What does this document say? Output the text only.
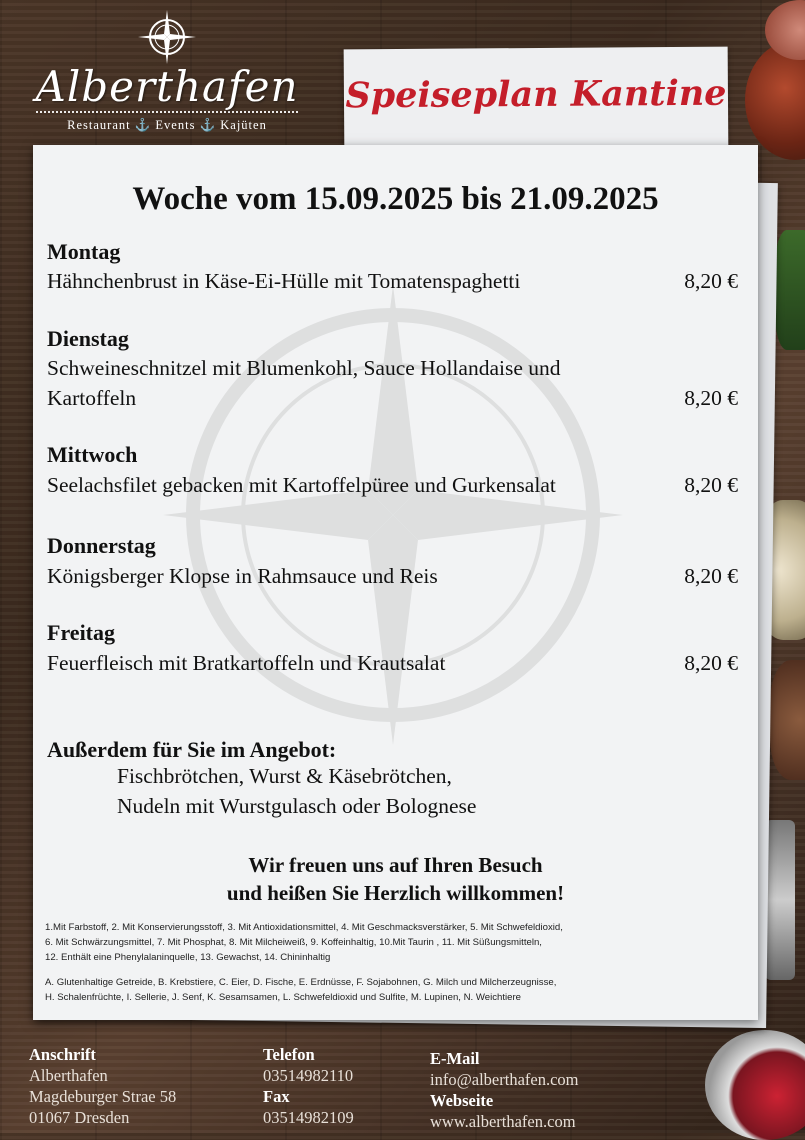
Alberthafen
Restaurant ⚓ Events ⚓ Kajüten
Speiseplan Kantine
Woche vom 15.09.2025 bis 21.09.2025
Montag
Hähnchenbrust in Käse-Ei-Hülle mit Tomatenspaghetti	8,20 €
Dienstag
Schweineschnitzel mit Blumenkohl, Sauce Hollandaise und
Kartoffeln	8,20 €
Mittwoch
Seelachsfilet gebacken mit Kartoffelpüree und Gurkensalat	8,20 €
Donnerstag
Königsberger Klopse in Rahmsauce und Reis	8,20 €
Freitag
Feuerfleisch mit Bratkartoffeln und Krautsalat	8,20 €
Außerdem für Sie im Angebot:
Fischbrötchen, Wurst & Käsebrötchen,
Nudeln mit Wurstgulasch oder Bolognese
Wir freuen uns auf Ihren Besuch
und heißen Sie Herzlich willkommen!
1.Mit Farbstoff, 2. Mit Konservierungsstoff, 3. Mit Antioxidationsmittel, 4. Mit Geschmacksverstärker, 5. Mit Schwefeldioxid,
6. Mit Schwärzungsmittel, 7. Mit Phosphat, 8. Mit Milcheiweiß, 9. Koffeinhaltig, 10.Mit Taurin , 11. Mit Süßungsmitteln,
12. Enthält eine Phenylalaninquelle, 13. Gewachst, 14. Chininhaltig
A. Glutenhaltige Getreide, B. Krebstiere, C. Eier, D. Fische, E. Erdnüsse, F. Sojabohnen, G. Milch und Milcherzeugnisse,
H. Schalenfrüchte, I. Sellerie, J. Senf, K. Sesamsamen, L. Schwefeldioxid und Sulfite, M. Lupinen, N. Weichtiere
Anschrift
Alberthafen
Magdeburger Strae 58
01067 Dresden
Telefon
03514982110
Fax
03514982109
E-Mail
info@alberthafen.com
Webseite
www.alberthafen.com
